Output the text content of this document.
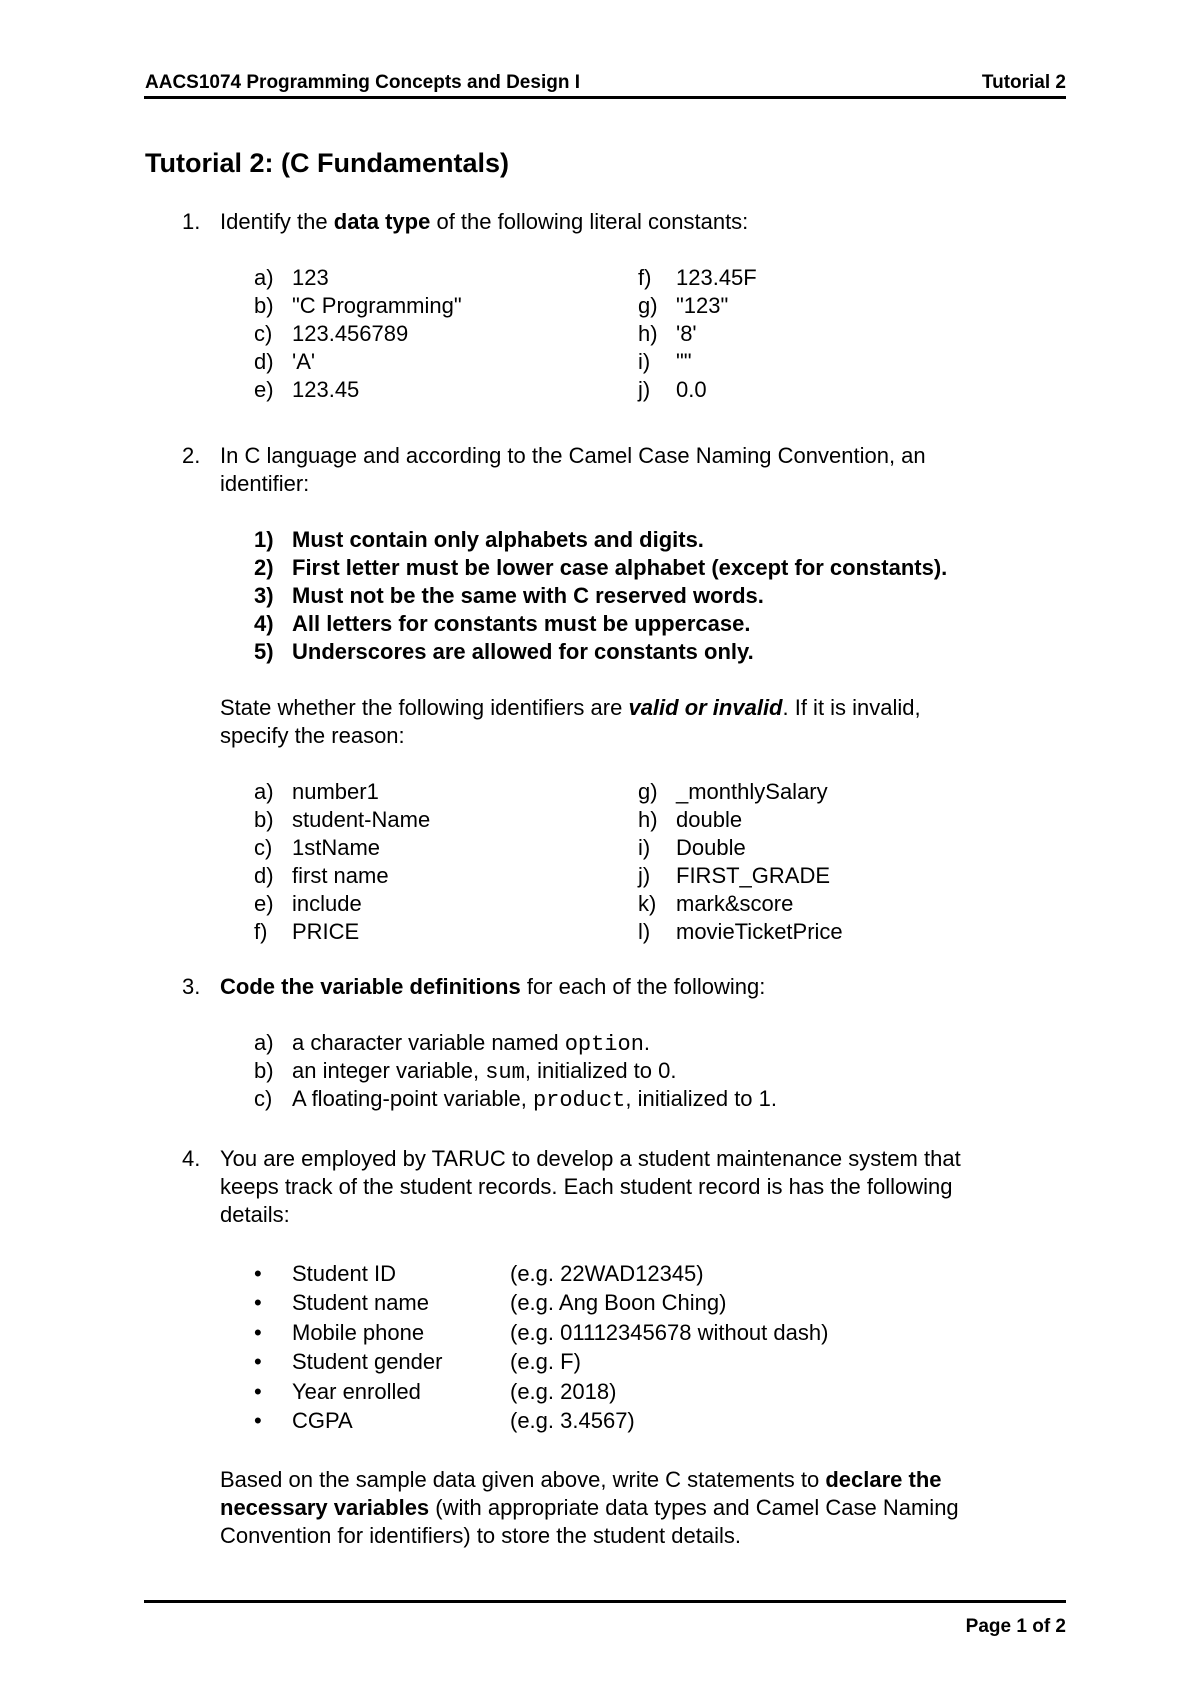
AACS1074 Programming Concepts and Design I	Tutorial 2
Tutorial 2: (C Fundamentals)
1. Identify the data type of the following literal constants:
a) 123
b) "C Programming"
c) 123.456789
d) 'A'
e) 123.45
f) 123.45F
g) "123"
h) '8'
i) ""
j) 0.0
2. In C language and according to the Camel Case Naming Convention, an
identifier:
1) Must contain only alphabets and digits.
2) First letter must be lower case alphabet (except for constants).
3) Must not be the same with C reserved words.
4) All letters for constants must be uppercase.
5) Underscores are allowed for constants only.
State whether the following identifiers are valid or invalid. If it is invalid,
specify the reason:
a) number1
b) student-Name
c) 1stName
d) first name
e) include
f) PRICE
g) _monthlySalary
h) double
i) Double
j) FIRST_GRADE
k) mark&score
l) movieTicketPrice
3. Code the variable definitions for each of the following:
a) a character variable named option.
b) an integer variable, sum, initialized to 0.
c) A floating-point variable, product, initialized to 1.
4. You are employed by TARUC to develop a student maintenance system that
keeps track of the student records. Each student record is has the following
details:
• Student ID	(e.g. 22WAD12345)
• Student name	(e.g. Ang Boon Ching)
• Mobile phone	(e.g. 01112345678 without dash)
• Student gender	(e.g. F)
• Year enrolled	(e.g. 2018)
• CGPA	(e.g. 3.4567)
Based on the sample data given above, write C statements to declare the
necessary variables (with appropriate data types and Camel Case Naming
Convention for identifiers) to store the student details.
Page 1 of 2
